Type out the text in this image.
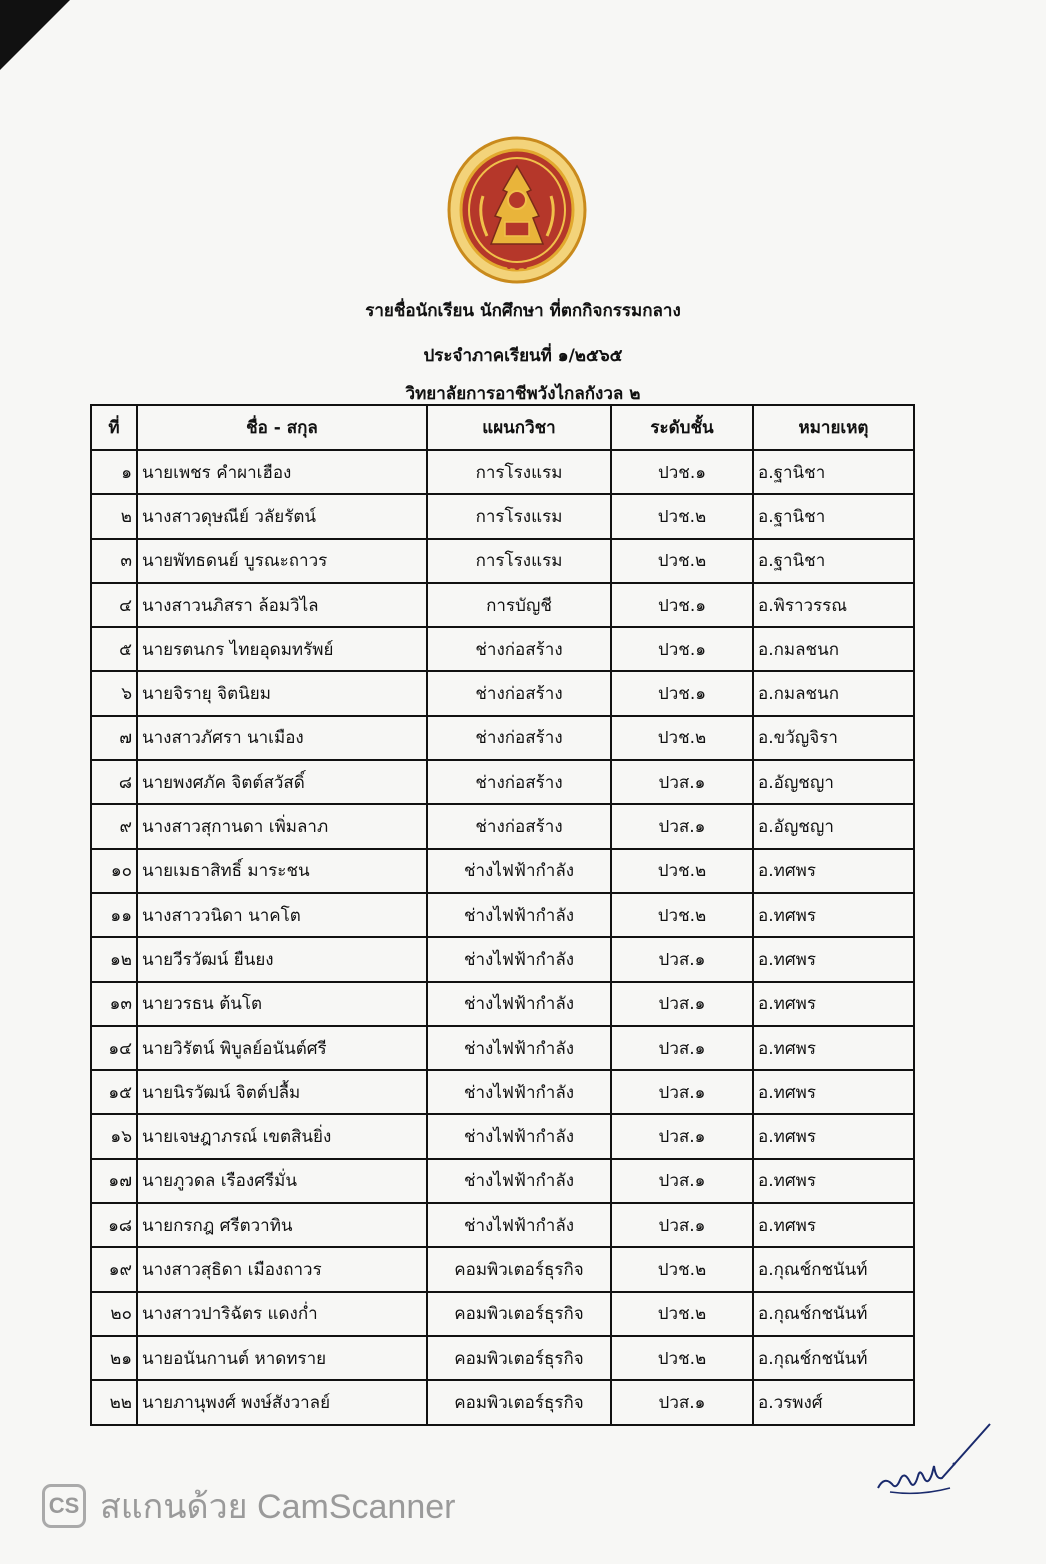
รายชื่อนักเรียน นักศึกษา ที่ตกกิจกรรมกลาง
ประจำภาคเรียนที่ ๑/๒๕๖๕
วิทยาลัยการอาชีพวังไกลกังวล ๒
ที่	ชื่อ - สกุล	แผนกวิชา	ระดับชั้น	หมายเหตุ
๑	นายเพชร คำผาเฮือง	การโรงแรม	ปวช.๑	อ.ฐานิชา
๒	นางสาวดุษณีย์ วลัยรัตน์	การโรงแรม	ปวช.๒	อ.ฐานิชา
๓	นายพัทธดนย์ บูรณะถาวร	การโรงแรม	ปวช.๒	อ.ฐานิชา
๔	นางสาวนภิสรา ล้อมวิไล	การบัญชี	ปวช.๑	อ.พิราวรรณ
๕	นายรตนกร ไทยอุดมทรัพย์	ช่างก่อสร้าง	ปวช.๑	อ.กมลชนก
๖	นายจิรายุ จิตนิยม	ช่างก่อสร้าง	ปวช.๑	อ.กมลชนก
๗	นางสาวภัศรา นาเมือง	ช่างก่อสร้าง	ปวช.๒	อ.ขวัญจิรา
๘	นายพงศภัค จิตต์สวัสดิ์	ช่างก่อสร้าง	ปวส.๑	อ.อัญชญา
๙	นางสาวสุกานดา เพิ่มลาภ	ช่างก่อสร้าง	ปวส.๑	อ.อัญชญา
๑๐	นายเมธาสิทธิ์ มาระชน	ช่างไฟฟ้ากำลัง	ปวช.๒	อ.ทศพร
๑๑	นางสาววนิดา นาคโต	ช่างไฟฟ้ากำลัง	ปวช.๒	อ.ทศพร
๑๒	นายวีรวัฒน์ ยืนยง	ช่างไฟฟ้ากำลัง	ปวส.๑	อ.ทศพร
๑๓	นายวรธน ต้นโต	ช่างไฟฟ้ากำลัง	ปวส.๑	อ.ทศพร
๑๔	นายวิรัตน์ พิบูลย์อนันต์ศรี	ช่างไฟฟ้ากำลัง	ปวส.๑	อ.ทศพร
๑๕	นายนิรวัฒน์ จิตต์ปลื้ม	ช่างไฟฟ้ากำลัง	ปวส.๑	อ.ทศพร
๑๖	นายเจษฎาภรณ์ เขตสินยิ่ง	ช่างไฟฟ้ากำลัง	ปวส.๑	อ.ทศพร
๑๗	นายภูวดล เรืองศรีมั่น	ช่างไฟฟ้ากำลัง	ปวส.๑	อ.ทศพร
๑๘	นายกรกฎ ศรีตวาทิน	ช่างไฟฟ้ากำลัง	ปวส.๑	อ.ทศพร
๑๙	นางสาวสุธิดา เมืองถาวร	คอมพิวเตอร์ธุรกิจ	ปวช.๒	อ.กุณช์กชนันท์
๒๐	นางสาวปาริฉัตร แดงก่ำ	คอมพิวเตอร์ธุรกิจ	ปวช.๒	อ.กุณช์กชนันท์
๒๑	นายอนันกานต์ หาดทราย	คอมพิวเตอร์ธุรกิจ	ปวช.๒	อ.กุณช์กชนันท์
๒๒	นายภานุพงศ์ พงษ์สังวาลย์	คอมพิวเตอร์ธุรกิจ	ปวส.๑	อ.วรพงศ์
CS สแกนด้วย CamScanner
